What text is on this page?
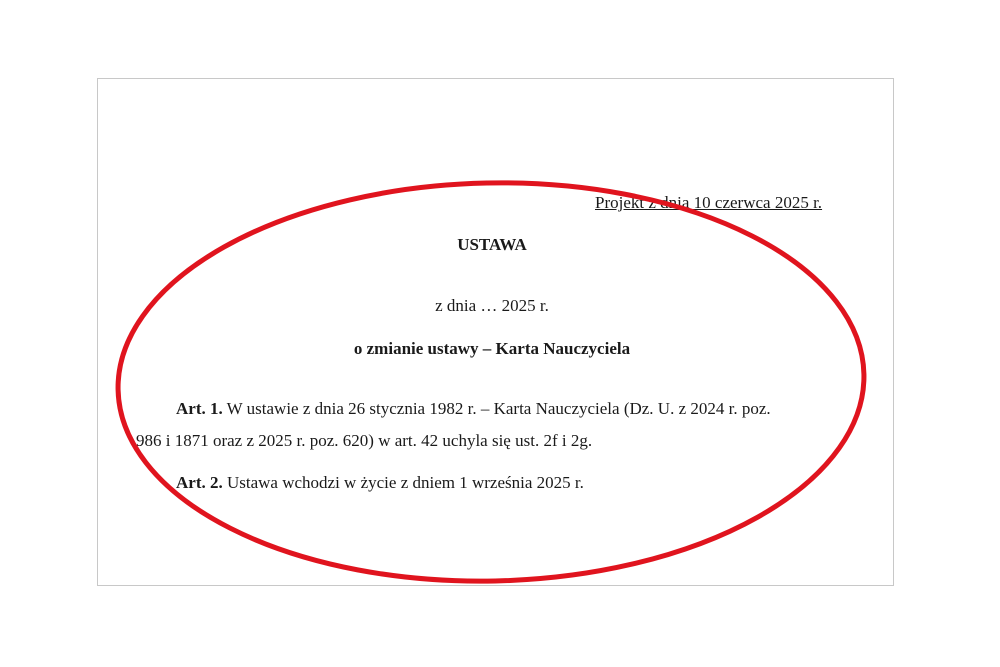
Projekt z dnia 10 czerwca 2025 r.
USTAWA
z dnia … 2025 r.
o zmianie ustawy – Karta Nauczyciela
Art. 1. W ustawie z dnia 26 stycznia 1982 r. – Karta Nauczyciela (Dz. U. z 2024 r. poz.
986 i 1871 oraz z 2025 r. poz. 620) w art. 42 uchyla się ust. 2f i 2g.
Art. 2. Ustawa wchodzi w życie z dniem 1 września 2025 r.
